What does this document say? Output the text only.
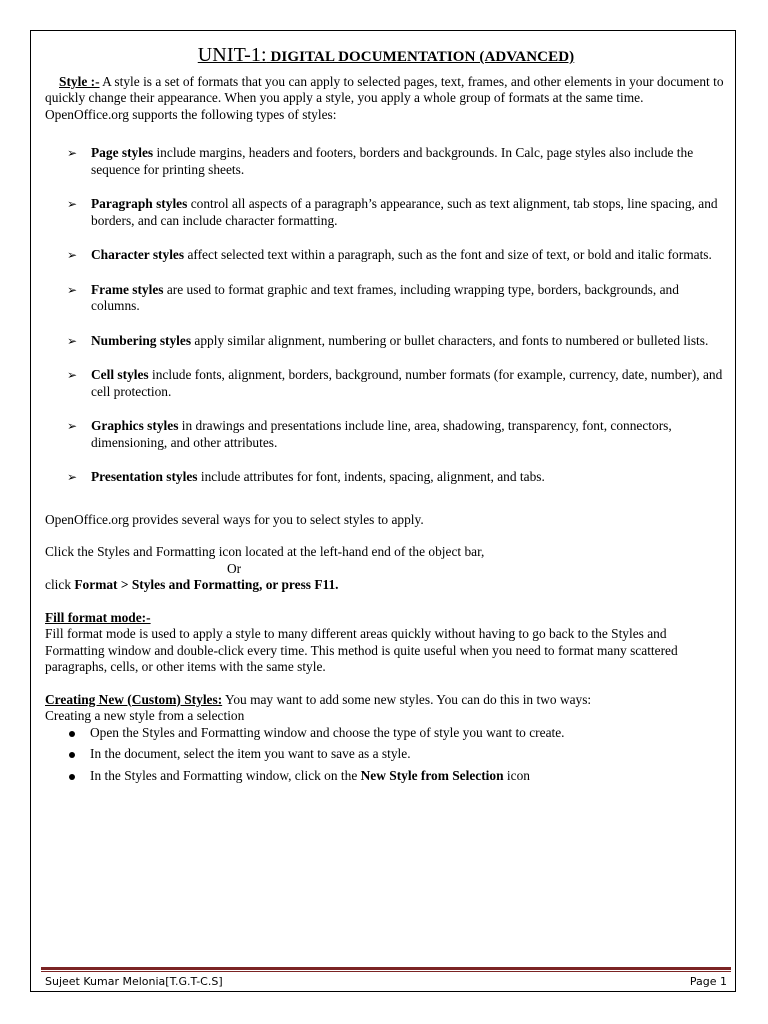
UNIT-1: DIGITAL DOCUMENTATION (ADVANCED)

Style :- A style is a set of formats that you can apply to selected pages, text, frames, and other elements in your document to quickly change their appearance. When you apply a style, you apply a whole group of formats at the same time.

OpenOffice.org supports the following types of styles:

➢ Page styles include margins, headers and footers, borders and backgrounds. In Calc, page styles also include the sequence for printing sheets.
➢ Paragraph styles control all aspects of a paragraph’s appearance, such as text alignment, tab stops, line spacing, and borders, and can include character formatting.
➢ Character styles affect selected text within a paragraph, such as the font and size of text, or bold and italic formats.
➢ Frame styles are used to format graphic and text frames, including wrapping type, borders, backgrounds, and columns.
➢ Numbering styles apply similar alignment, numbering or bullet characters, and fonts to numbered or bulleted lists.
➢ Cell styles include fonts, alignment, borders, background, number formats (for example, currency, date, number), and cell protection.
➢ Graphics styles in drawings and presentations include line, area, shadowing, transparency, font, connectors, dimensioning, and other attributes.
➢ Presentation styles include attributes for font, indents, spacing, alignment, and tabs.

OpenOffice.org provides several ways for you to select styles to apply.

Click the Styles and Formatting icon located at the left-hand end of the object bar,

Or

click Format > Styles and Formatting, or press F11.

Fill format mode:-

Fill format mode is used to apply a style to many different areas quickly without having to go back to the Styles and Formatting window and double-click every time. This method is quite useful when you need to format many scattered paragraphs, cells, or other items with the same style.

Creating New (Custom) Styles: You may want to add some new styles. You can do this in two ways:

Creating a new style from a selection

Open the Styles and Formatting window and choose the type of style you want to create.
In the document, select the item you want to save as a style.
In the Styles and Formatting window, click on the New Style from Selection icon
Sujeet Kumar Melonia[T.G.T-C.S]	Page 1
